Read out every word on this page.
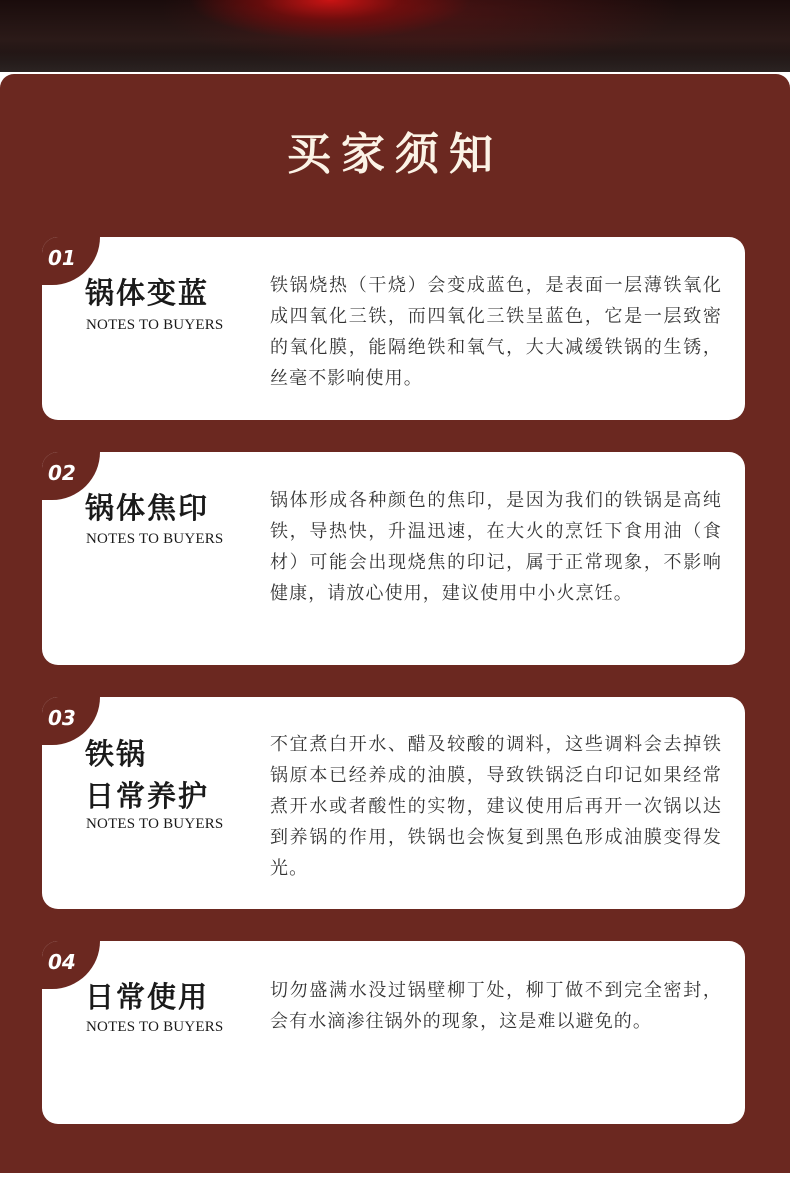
买家须知
01
锅体变蓝
NOTES TO BUYERS

铁锅烧热（干烧）会变成蓝色，是表面一层薄铁氧化成四氧化三铁，而四氧化三铁呈蓝色，它是一层致密的氧化膜，能隔绝铁和氧气，大大减缓铁锅的生锈，丝毫不影响使用。

02
锅体焦印
NOTES TO BUYERS

锅体形成各种颜色的焦印，是因为我们的铁锅是高纯铁，导热快，升温迅速，在大火的烹饪下食用油（食材）可能会出现烧焦的印记，属于正常现象，不影响健康，请放心使用，建议使用中小火烹饪。

03
铁锅
日常养护
NOTES TO BUYERS

不宜煮白开水、醋及较酸的调料，这些调料会去掉铁锅原本已经养成的油膜，导致铁锅泛白印记如果经常煮开水或者酸性的实物，建议使用后再开一次锅以达到养锅的作用，铁锅也会恢复到黑色形成油膜变得发光。

04
日常使用
NOTES TO BUYERS

切勿盛满水没过锅壁柳丁处，柳丁做不到完全密封，会有水滴渗往锅外的现象，这是难以避免的。
